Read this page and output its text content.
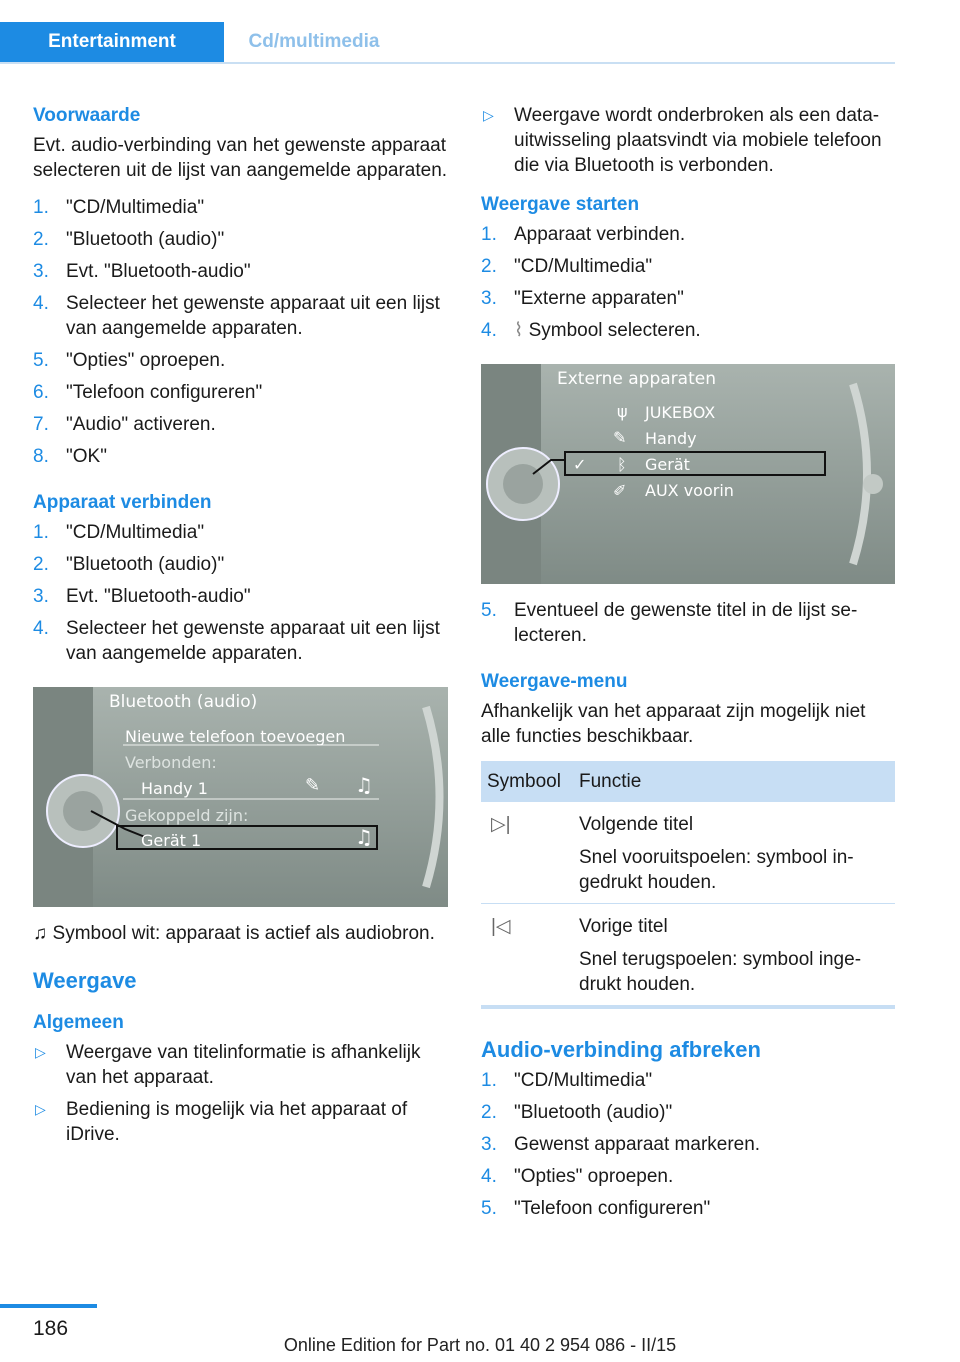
Entertainment	Cd/multimedia
Voorwaarde

Evt. audio-verbinding van het gewenste apparaat selecteren uit de lijst van aangemelde apparaten.

1. "CD/Multimedia"
2. "Bluetooth (audio)"
3. Evt. "Bluetooth-audio"
4. Selecteer het gewenste apparaat uit een lijst van aangemelde apparaten.
5. "Opties" oproepen.
6. "Telefoon configureren"
7. "Audio" activeren.
8. "OK"
Apparaat verbinden
1. "CD/Multimedia"
2. "Bluetooth (audio)"
3. Evt. "Bluetooth-audio"
4. Selecteer het gewenste apparaat uit een lijst van aangemelde apparaten.
Bluetooth (audio)
Nieuwe telefoon toevoegen
Verbonden:
Handy 1
Gekoppeld zijn:
Gerät 1
♫
✎
♫

♫ Symbool wit: apparaat is actief als audiobron.

Weergave
Algemeen
▷ Weergave van titelinformatie is afhankelijk van het apparaat.
▷ Bediening is mogelijk via het apparaat of iDrive.
▷ Weergave wordt onderbroken als een data-uitwisseling plaatsvindt via mobiele telefoon die via Bluetooth is verbonden.
Weergave starten
1. Apparaat verbinden.
2. "CD/Multimedia"
3. "Externe apparaten"
4. ⌇ Symbool selecteren.
Externe apparaten
ψ JUKEBOX
✎ Handy
✓ ᛒ Gerät
✐ AUX voorin
5. Eventueel de gewenste titel in de lijst selecteren.
Weergave-menu

Afhankelijk van het apparaat zijn mogelijk niet alle functies beschikbaar.

Symbool	Functie
▷|	Volgende titel
Snel vooruitspoelen: symbool ingedrukt houden.

|◁	Vorige titel
Snel terugspoelen: symbool ingedrukt houden.
Audio-verbinding afbreken
1. "CD/Multimedia"
2. "Bluetooth (audio)"
3. Gewenst apparaat markeren.
4. "Opties" oproepen.
5. "Telefoon configureren"
186
Online Edition for Part no. 01 40 2 954 086 - II/15
